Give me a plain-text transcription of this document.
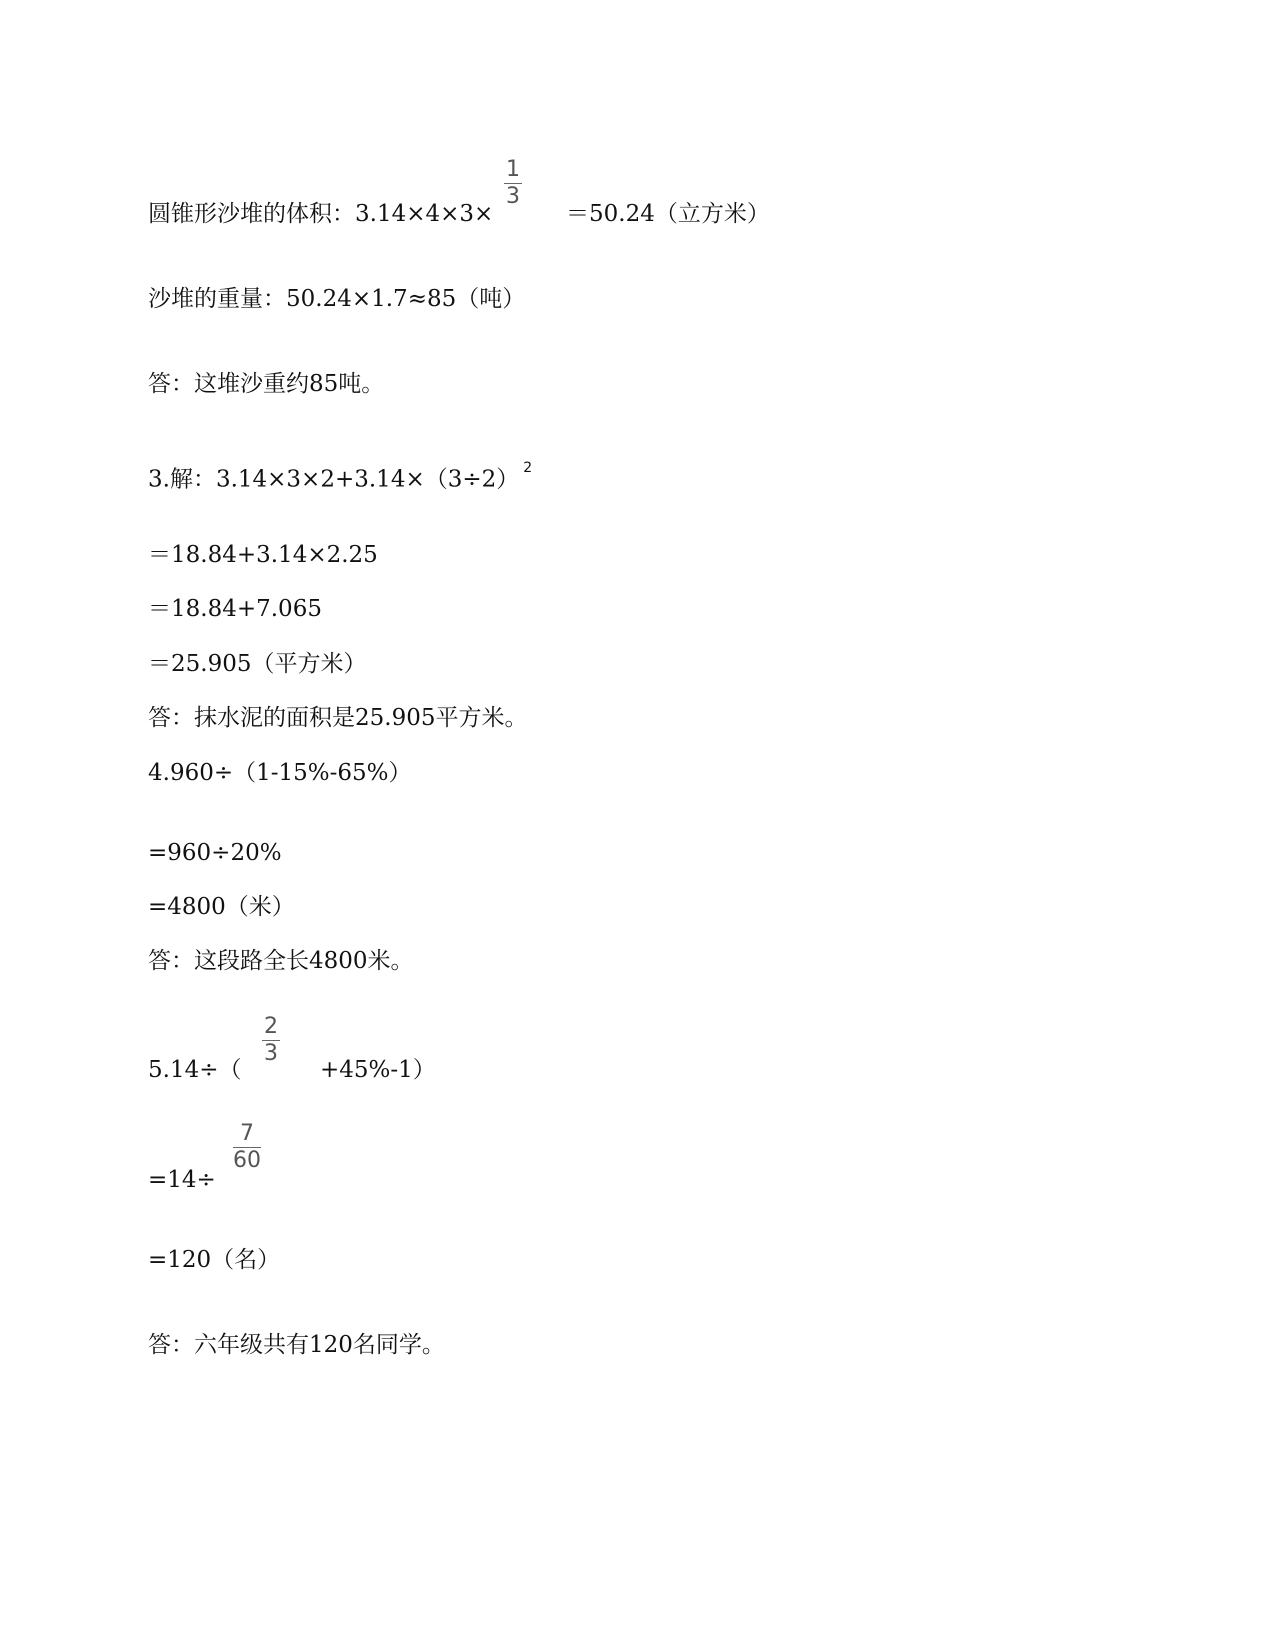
圆锥形沙堆的体积：3.14×4×3×
1
3
＝50.24（立方米）
沙堆的重量：50.24×1.7≈85（吨）
答：这堆沙重约85吨。
3.解：3.14×3×2+3.14×（3÷2） $^2$
＝18.84+3.14×2.25
＝18.84+7.065
＝25.905（平方米）
答：抹水泥的面积是25.905平方米。
4.960÷（1-15%-65%）
=960÷20%
=4800（米）
答：这段路全长4800米。
5.14÷（
2
3
+45%-1）
=14÷
7
60
=120（名）
答：六年级共有120名同学。
